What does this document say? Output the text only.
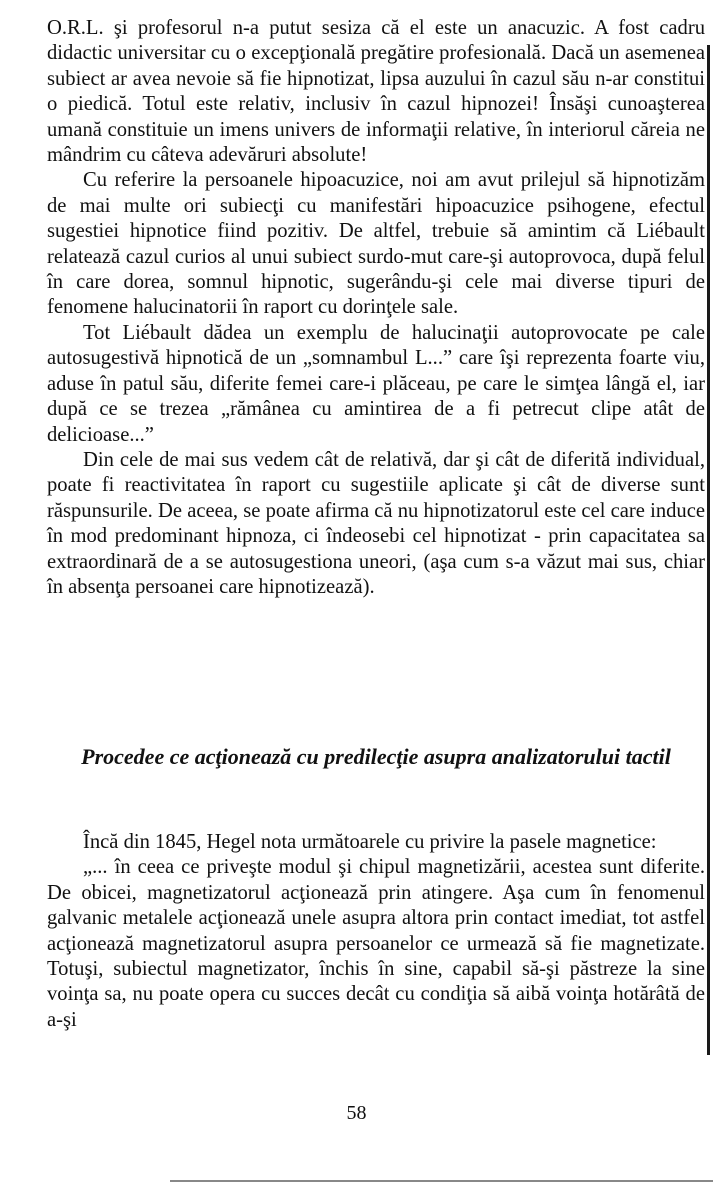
O.R.L. şi profesorul n-a putut sesiza că el este un anacuzic. A fost cadru didactic universitar cu o excepţională pregătire profesională. Dacă un asemenea subiect ar avea nevoie să fie hipnotizat, lipsa auzului în cazul său n-ar constitui o piedică. Totul este relativ, inclusiv în cazul hipnozei! Însăşi cunoaşterea umană constituie un imens univers de informaţii relative, în interiorul căreia ne mândrim cu câteva adevăruri absolute!

Cu referire la persoanele hipoacuzice, noi am avut prilejul să hipnotizăm de mai multe ori subiecţi cu manifestări hipoacuzice psihogene, efectul sugestiei hipnotice fiind pozitiv. De altfel, trebuie să amintim că Liébault relatează cazul curios al unui subiect surdo-mut care-şi autoprovoca, după felul în care dorea, somnul hipnotic, sugerându-şi cele mai diverse tipuri de fenomene halucinatorii în raport cu dorinţele sale.

Tot Liébault dădea un exemplu de halucinaţii autoprovocate pe cale autosugestivă hipnotică de un „somnambul L...” care îşi reprezenta foarte viu, aduse în patul său, diferite femei care-i plăceau, pe care le simţea lângă el, iar după ce se trezea „rămânea cu amintirea de a fi petrecut clipe atât de delicioase...”

Din cele de mai sus vedem cât de relativă, dar şi cât de diferită individual, poate fi reactivitatea în raport cu sugestiile aplicate şi cât de diverse sunt răspunsurile. De aceea, se poate afirma că nu hipnotizatorul este cel care induce în mod predominant hipnoza, ci îndeosebi cel hipnotizat - prin capacitatea sa extraordinară de a se autosugestiona uneori, (aşa cum s-a văzut mai sus, chiar în absenţa persoanei care hipnotizează).

Procedee ce acţionează cu predilecţie asupra analizatorului tactil

Încă din 1845, Hegel nota următoarele cu privire la pasele magnetice:

„... în ceea ce priveşte modul şi chipul magnetizării, acestea sunt diferite. De obicei, magnetizatorul acţionează prin atingere. Aşa cum în fenomenul galvanic metalele acţionează unele asupra altora prin contact imediat, tot astfel acţionează magnetizatorul asupra persoanelor ce urmează să fie magnetizate. Totuşi, subiectul magnetizator, închis în sine, capabil să-şi păstreze la sine voinţa sa, nu poate opera cu succes decât cu condiţia să aibă voinţa hotărâtă de a-şi

58
